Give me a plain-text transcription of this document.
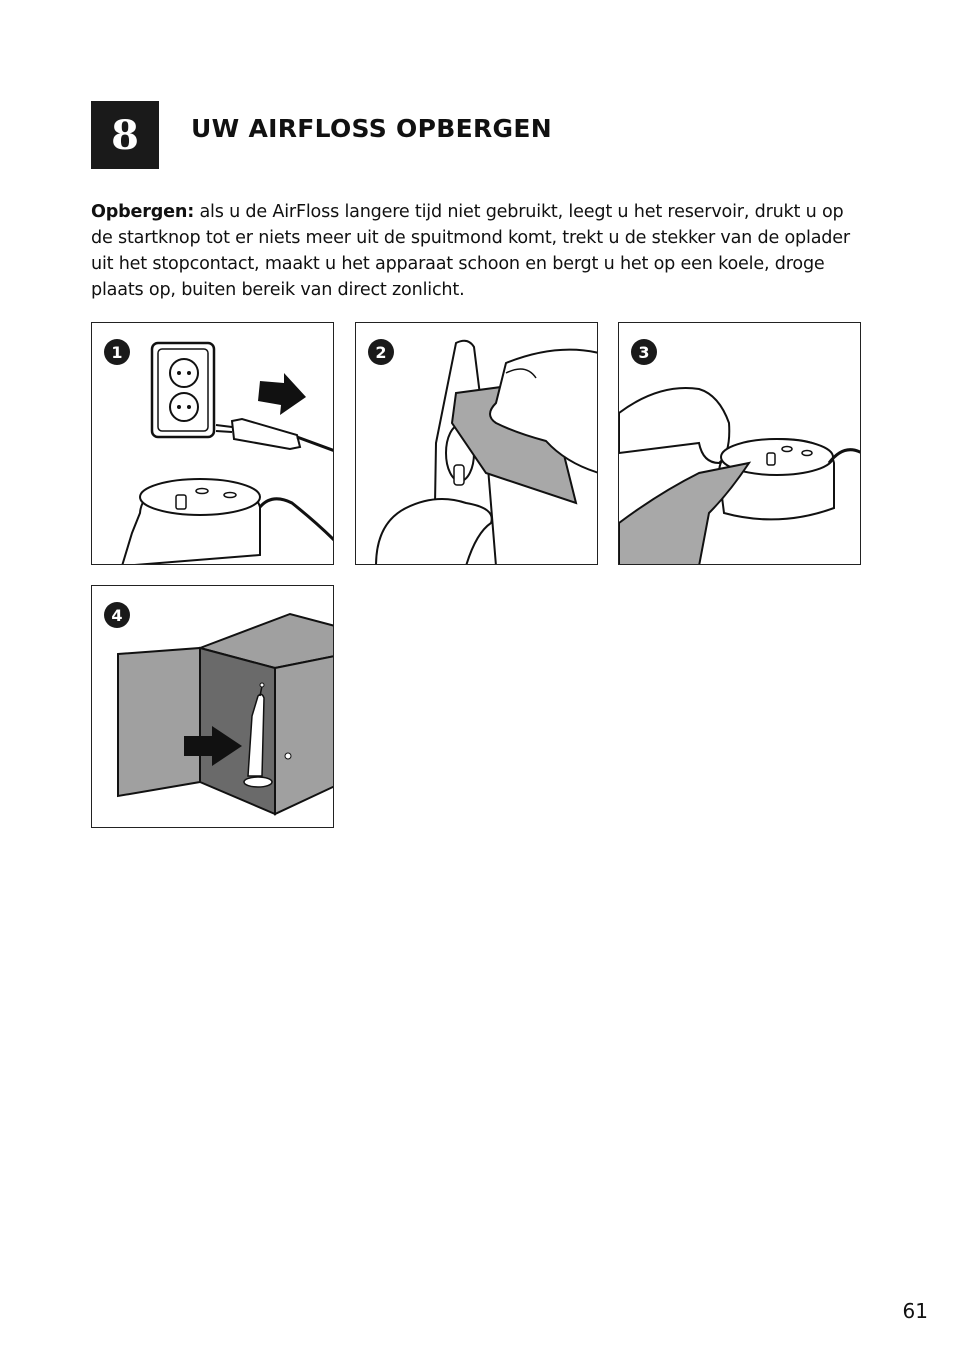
8	UW AIRFLOSS OPBERGEN

Opbergen: als u de AirFloss langere tijd niet gebruikt, leegt u het reservoir, drukt u op de startknop tot er niets meer uit de spuitmond komt, trekt u de stekker van de oplader uit het stopcontact, maakt u het apparaat schoon en bergt u het op een koele, droge plaats op, buiten bereik van direct zonlicht.

1	2	3
4
61
